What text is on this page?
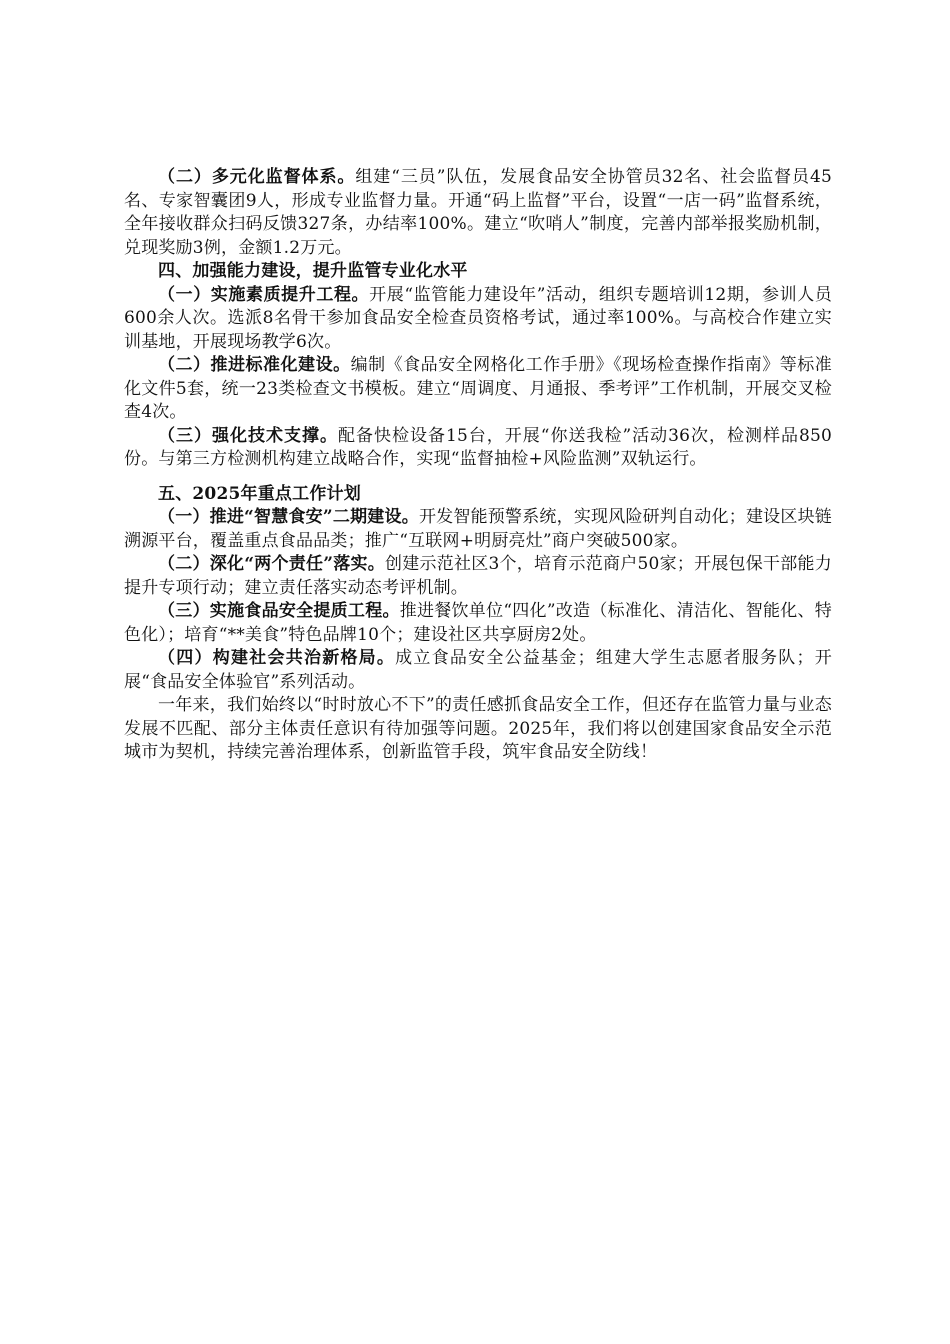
（二）多元化监督体系。组建“三员”队伍，发展食品安全协管员32名、社会监督员45名、专家智囊团9人，形成专业监督力量。开通“码上监督”平台，设置“一店一码”监督系统，全年接收群众扫码反馈327条，办结率100%。建立“吹哨人”制度，完善内部举报奖励机制，兑现奖励3例，金额1.2万元。

四、加强能力建设，提升监管专业化水平

（一）实施素质提升工程。开展“监管能力建设年”活动，组织专题培训12期，参训人员600余人次。选派8名骨干参加食品安全检查员资格考试，通过率100%。与高校合作建立实训基地，开展现场教学6次。

（二）推进标准化建设。编制《食品安全网格化工作手册》《现场检查操作指南》等标准化文件5套，统一23类检查文书模板。建立“周调度、月通报、季考评”工作机制，开展交叉检查4次。

（三）强化技术支撑。配备快检设备15台，开展“你送我检”活动36次，检测样品850份。与第三方检测机构建立战略合作，实现“监督抽检+风险监测”双轨运行。

五、2025年重点工作计划

（一）推进“智慧食安”二期建设。开发智能预警系统，实现风险研判自动化；建设区块链溯源平台，覆盖重点食品品类；推广“互联网+明厨亮灶”商户突破500家。

（二）深化“两个责任”落实。创建示范社区3个，培育示范商户50家；开展包保干部能力提升专项行动；建立责任落实动态考评机制。

（三）实施食品安全提质工程。推进餐饮单位“四化”改造（标准化、清洁化、智能化、特色化）；培育“**美食”特色品牌10个；建设社区共享厨房2处。

（四）构建社会共治新格局。成立食品安全公益基金；组建大学生志愿者服务队；开展“食品安全体验官”系列活动。

一年来，我们始终以“时时放心不下”的责任感抓食品安全工作，但还存在监管力量与业态发展不匹配、部分主体责任意识有待加强等问题。2025年，我们将以创建国家食品安全示范城市为契机，持续完善治理体系，创新监管手段，筑牢食品安全防线！
